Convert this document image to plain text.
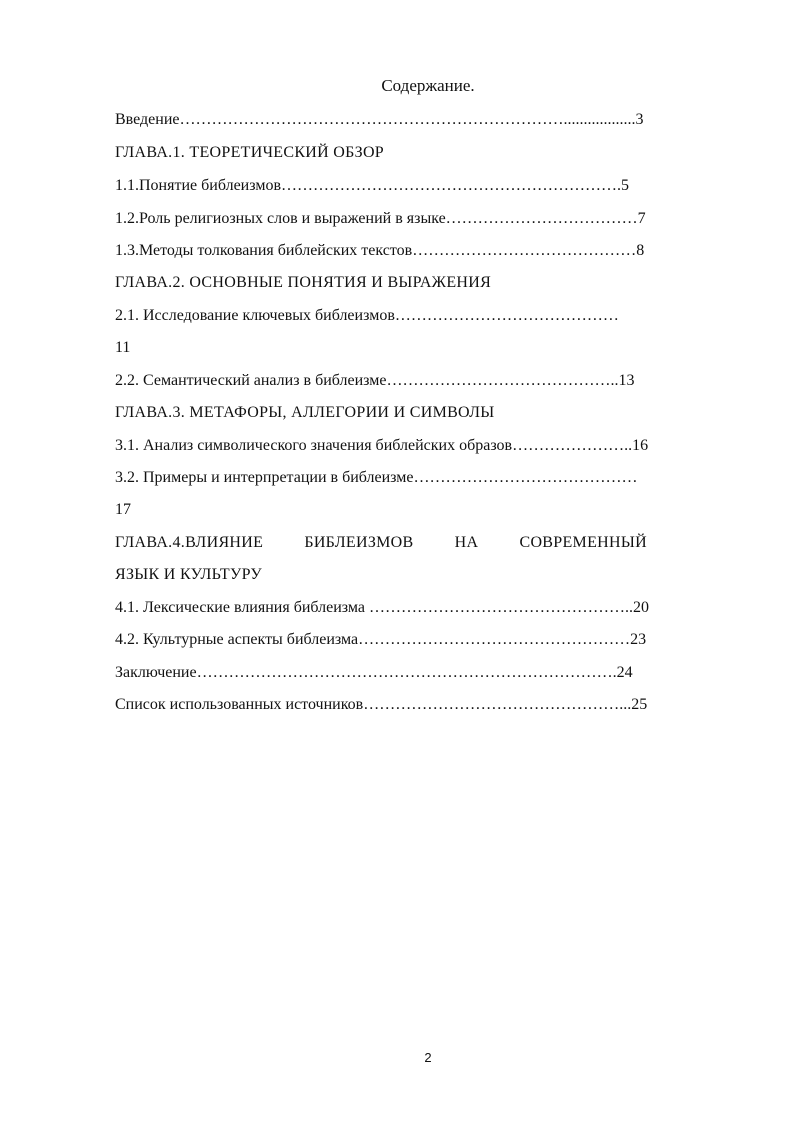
Содержание.
Введение………………………………………………………………..................3
ГЛАВА.1. ТЕОРЕТИЧЕСКИЙ ОБЗОР
1.1.Понятие библеизмов……………………………………………………….5
1.2.Роль религиозных слов и выражений в языке………………………………7
1.3.Методы толкования библейских текстов……………………………………8
ГЛАВА.2. ОСНОВНЫЕ ПОНЯТИЯ И ВЫРАЖЕНИЯ
2.1. Исследование ключевых библеизмов……………………………………
11
2.2. Семантический анализ в библеизме……………………………………..13
ГЛАВА.3. МЕТАФОРЫ, АЛЛЕГОРИИ И СИМВОЛЫ
3.1. Анализ символического значения библейских образов…………………..16
3.2. Примеры и интерпретации в библеизме……………………………………
17
ГЛАВА.4.ВЛИЯНИЕ	БИБЛЕИЗМОВ	НА	СОВРЕМЕННЫЙ
ЯЗЫК И КУЛЬТУРУ
4.1. Лексические влияния библеизма …………………………………………..20
4.2. Культурные аспекты библеизма……………………………………………23
Заключение…………………………………………………………………….24
Список использованных источников…………………………………………...25
2
